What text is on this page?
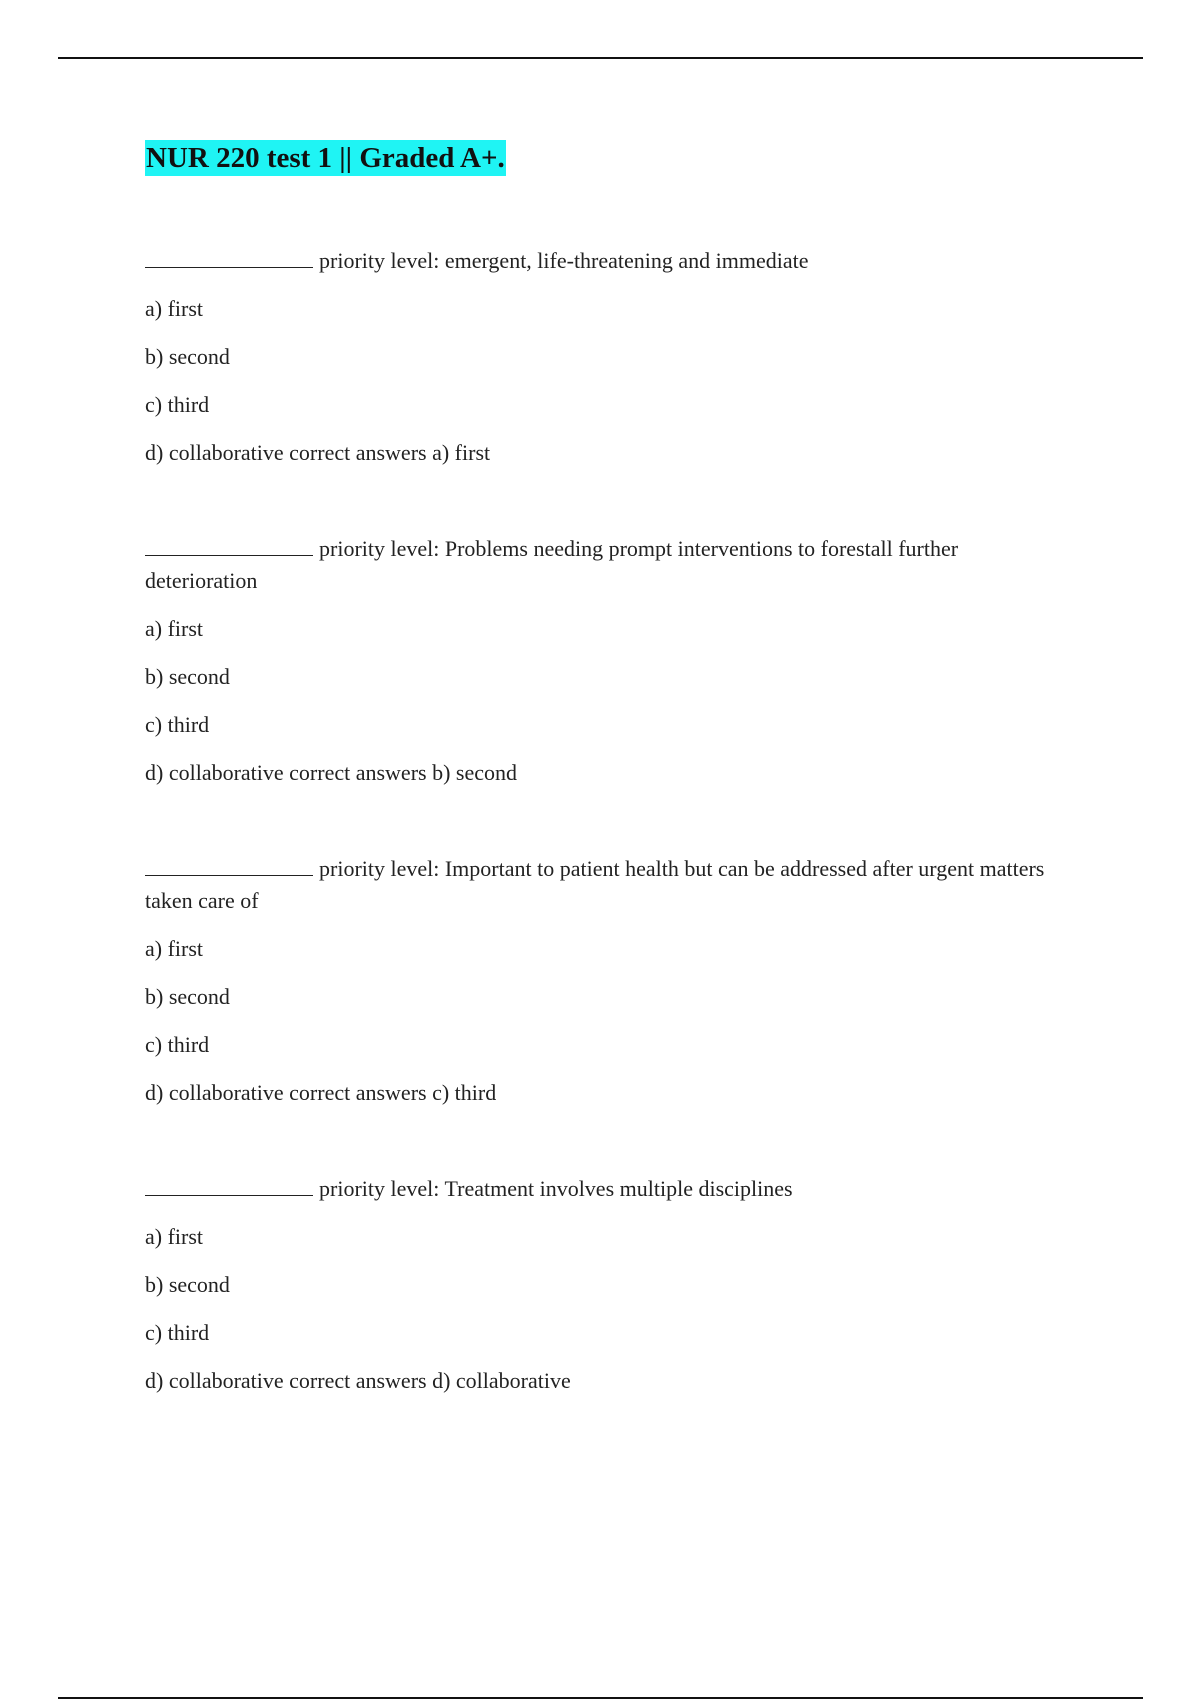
NUR 220 test 1 || Graded A+.

priority level: emergent, life-threatening and immediate

a) first

b) second

c) third

d) collaborative correct answers a) first

priority level: Problems needing prompt interventions to forestall further deterioration

a) first

b) second

c) third

d) collaborative correct answers b) second

priority level: Important to patient health but can be addressed after urgent matters taken care of

a) first

b) second

c) third

d) collaborative correct answers c) third

priority level: Treatment involves multiple disciplines

a) first

b) second

c) third

d) collaborative correct answers d) collaborative
